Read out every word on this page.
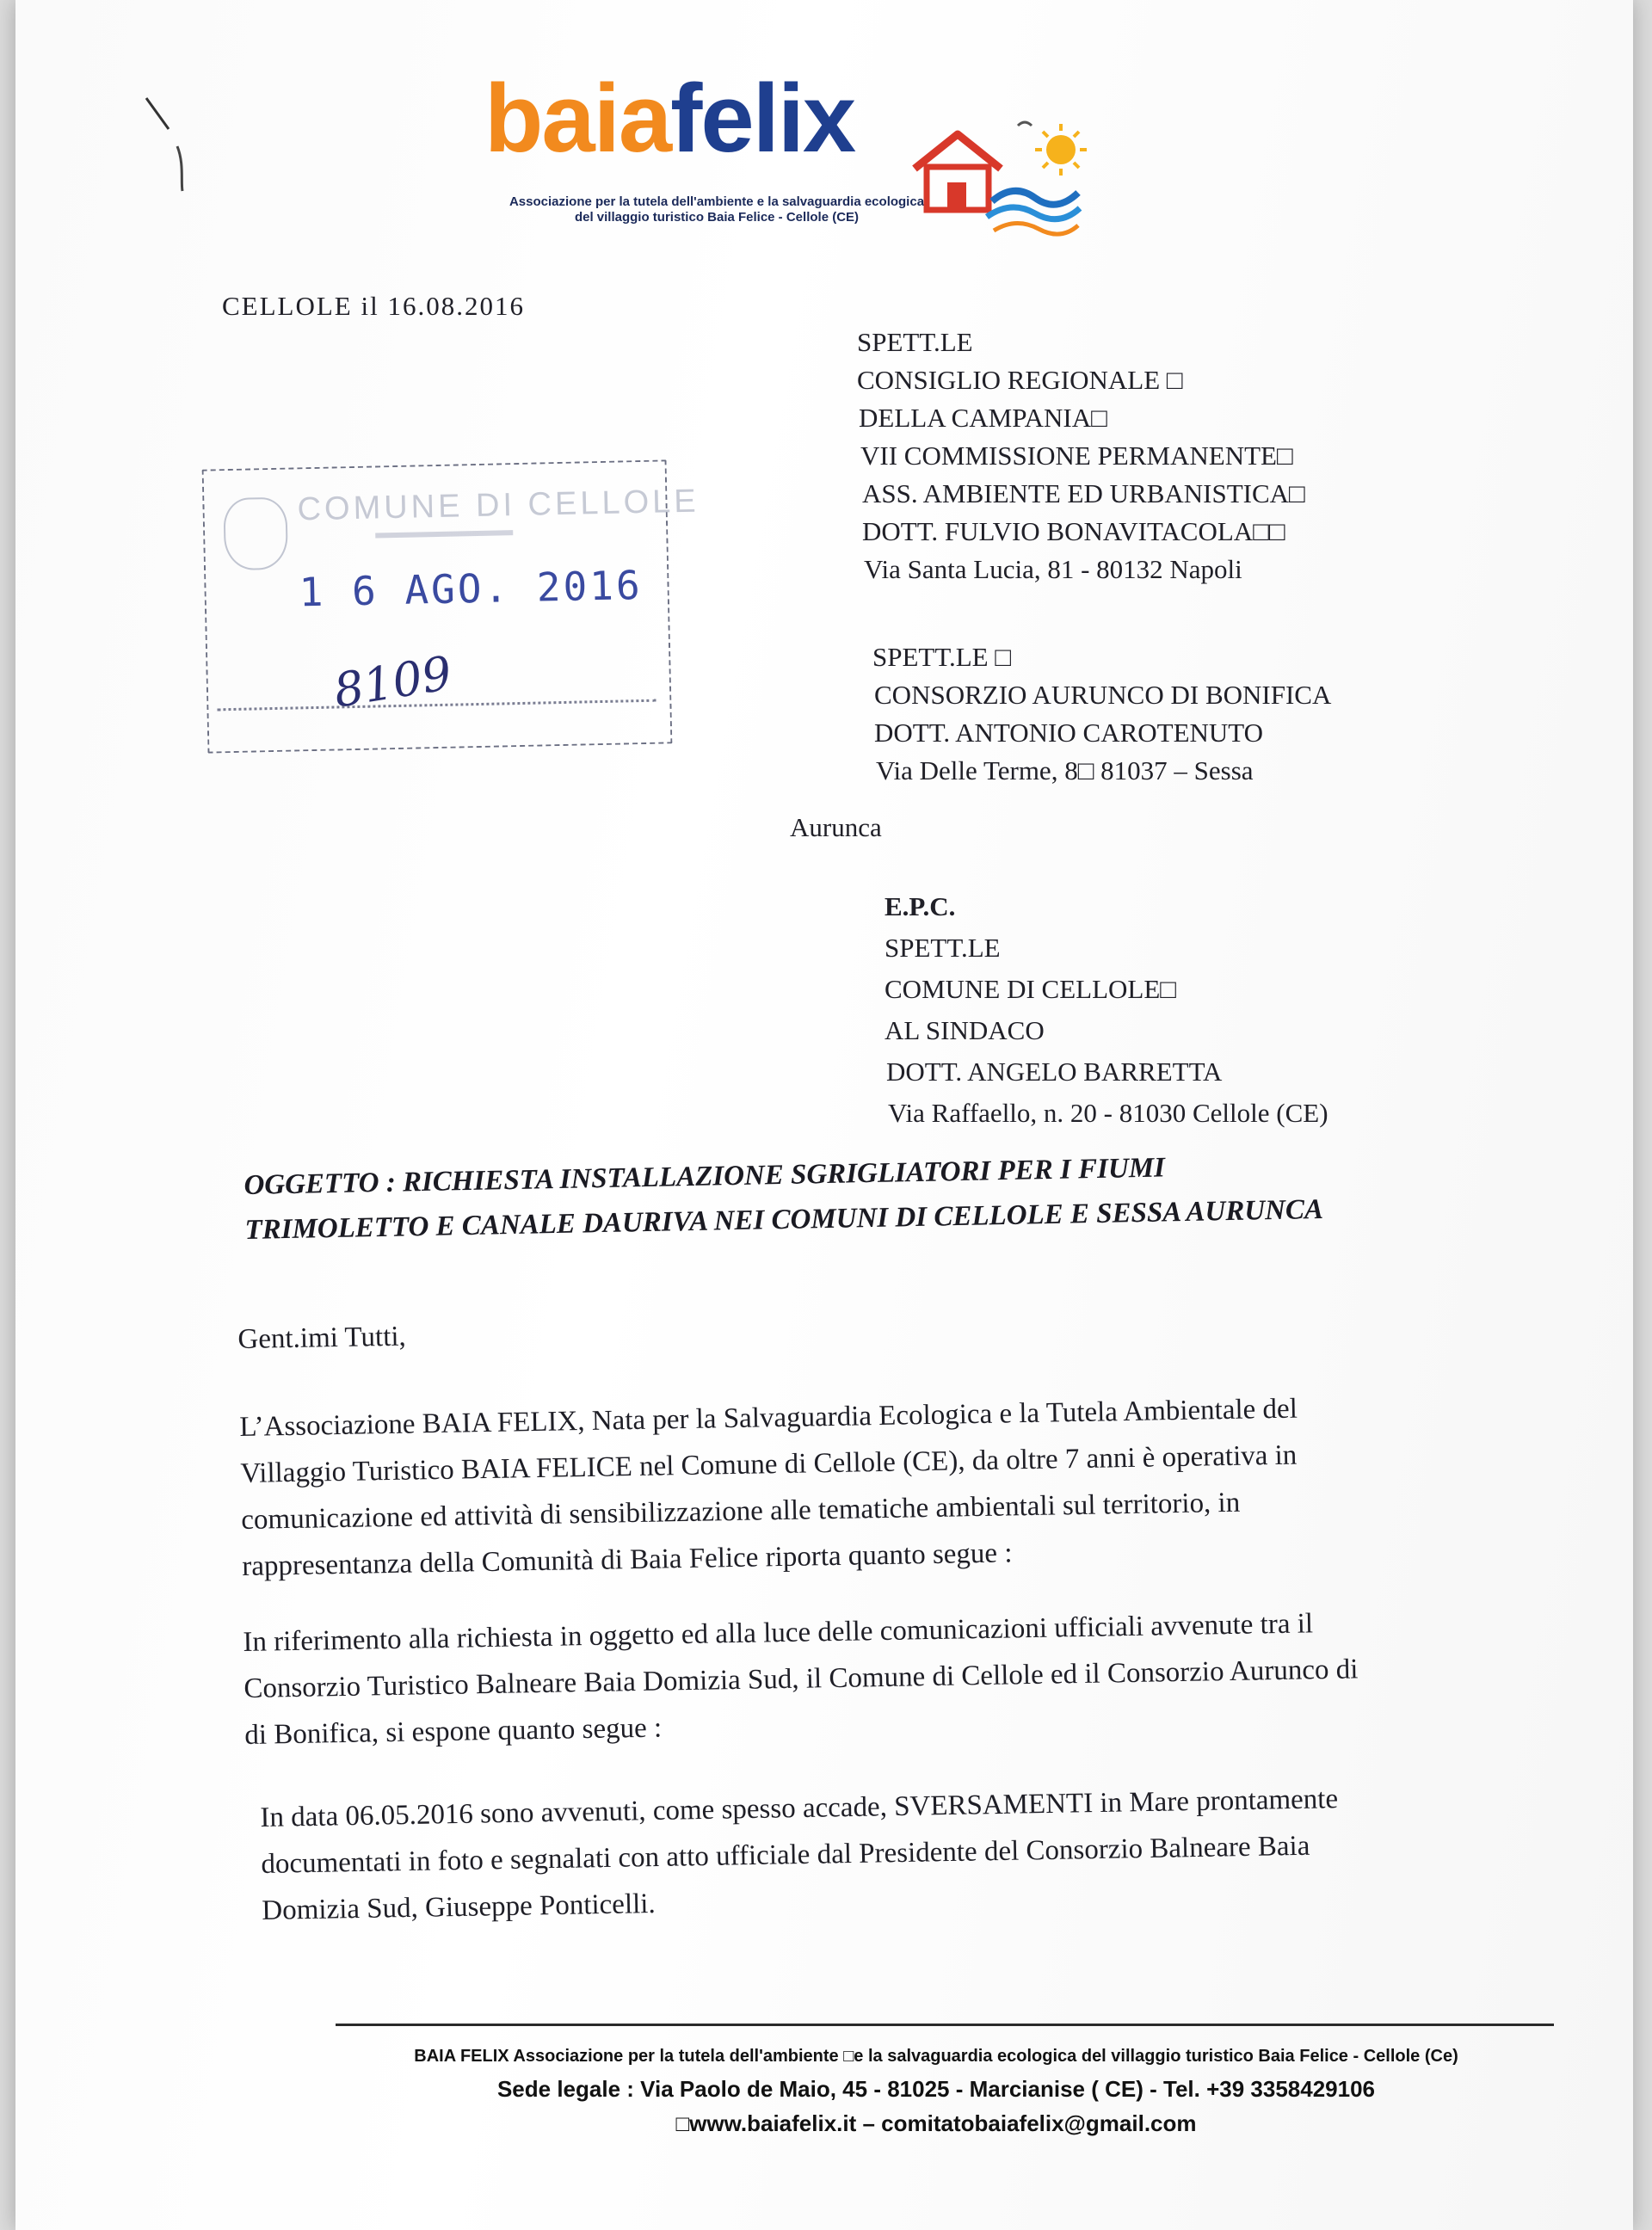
baiafelix

Associazione per la tutela dell'ambiente e la salvaguardia ecologica
del villaggio turistico Baia Felice - Cellole (CE)
CELLOLE il 16.08.2016
SPETT.LE
CONSIGLIO REGIONALE □
DELLA CAMPANIA□
VII COMMISSIONE PERMANENTE□
ASS. AMBIENTE ED URBANISTICA□
DOTT. FULVIO BONAVITACOLA□□
Via Santa Lucia, 81 - 80132 Napoli
SPETT.LE □
CONSORZIO AURUNCO DI BONIFICA
DOTT. ANTONIO CAROTENUTO
Via Delle Terme, 8□ 81037 – Sessa
Aurunca
E.P.C.
SPETT.LE
COMUNE DI CELLOLE□
AL SINDACO
DOTT. ANGELO BARRETTA
Via Raffaello, n. 20 - 81030 Cellole (CE)

COMUNE DI CELLOLE

1 6 AGO. 2016
8109
OGGETTO : RICHIESTA INSTALLAZIONE SGRIGLIATORI PER I FIUMI
TRIMOLETTO E CANALE DAURIVA NEI COMUNI DI CELLOLE E SESSA AURUNCA
Gent.imi Tutti,
L’Associazione BAIA FELIX, Nata per la Salvaguardia Ecologica e la Tutela Ambientale del
Villaggio Turistico BAIA FELICE nel Comune di Cellole (CE), da oltre 7 anni è operativa in
comunicazione ed attività di sensibilizzazione alle tematiche ambientali sul territorio, in
rappresentanza della Comunità di Baia Felice riporta quanto segue :
In riferimento alla richiesta in oggetto ed alla luce delle comunicazioni ufficiali avvenute tra il
Consorzio Turistico Balneare Baia Domizia Sud, il Comune di Cellole ed il Consorzio Aurunco di
di Bonifica, si espone quanto segue :
In data 06.05.2016 sono avvenuti, come spesso accade, SVERSAMENTI in Mare prontamente
documentati in foto e segnalati con atto ufficiale dal Presidente del Consorzio Balneare Baia
Domizia Sud, Giuseppe Ponticelli.
BAIA FELIX Associazione per la tutela dell'ambiente □e la salvaguardia ecologica del villaggio turistico Baia Felice - Cellole (Ce)
Sede legale : Via Paolo de Maio, 45 - 81025 - Marcianise ( CE) - Tel. +39 3358429106
□www.baiafelix.it – comitatobaiafelix@gmail.com
